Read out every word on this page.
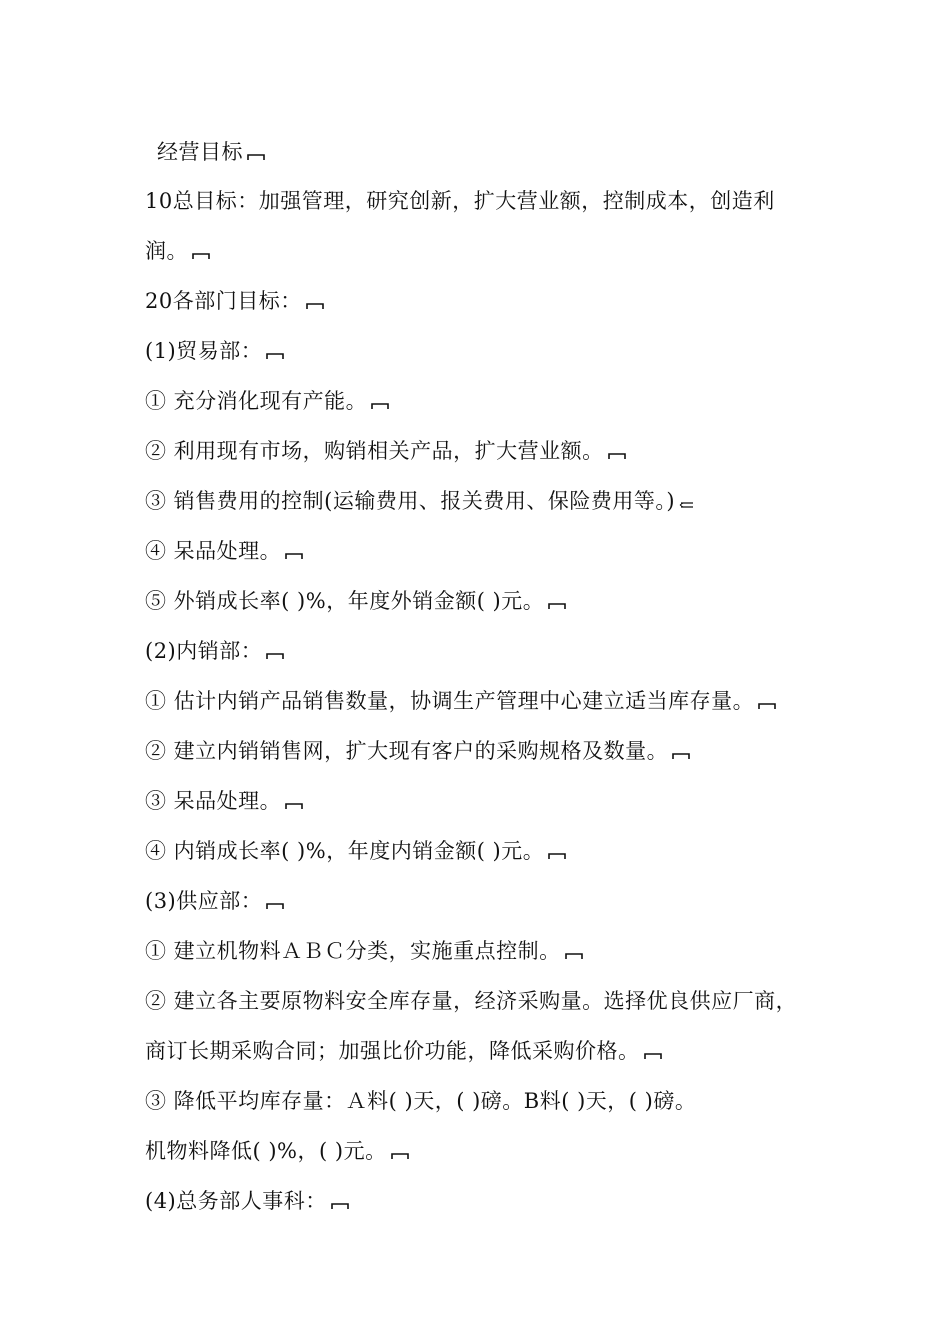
经营目标
10总目标：加强管理，研究创新，扩大营业额，控制成本，创造利
润。
20各部门目标：
(1)贸易部：
① 充分消化现有产能。
② 利用现有市场，购销相关产品，扩大营业额。
③ 销售费用的控制(运输费用、报关费用、保险费用等。)
④ 呆品处理。
⑤ 外销成长率( )%，年度外销金额( )元。
(2)内销部：
① 估计内销产品销售数量，协调生产管理中心建立适当库存量。
② 建立内销销售网，扩大现有客户的采购规格及数量。
③ 呆品处理。
④ 内销成长率( )%，年度内销金额( )元。
(3)供应部：
① 建立机物料ＡＢＣ分类，实施重点控制。
② 建立各主要原物料安全库存量，经济采购量。选择优良供应厂商，
商订长期采购合同；加强比价功能，降低采购价格。
③ 降低平均库存量：Ａ料( )天，( )磅。B料( )天，( )磅。
机物料降低( )%，( )元。
(4)总务部人事科：
